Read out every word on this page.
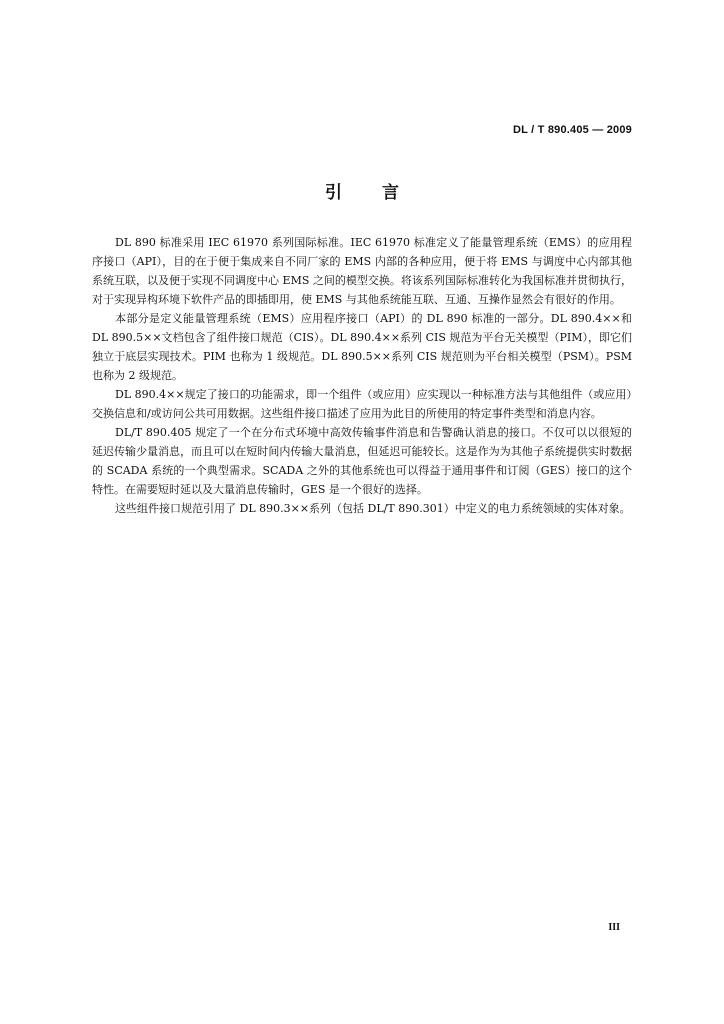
DL / T 890.405 — 2009
引言

DL 890 标准采用 IEC 61970 系列国际标准。IEC 61970 标准定义了能量管理系统（EMS）的应用程序接口（API），目的在于便于集成来自不同厂家的 EMS 内部的各种应用，便于将 EMS 与调度中心内部其他系统互联，以及便于实现不同调度中心 EMS 之间的模型交换。将该系列国际标准转化为我国标准并贯彻执行，对于实现异构环境下软件产品的即插即用，使 EMS 与其他系统能互联、互通、互操作显然会有很好的作用。

本部分是定义能量管理系统（EMS）应用程序接口（API）的 DL 890 标准的一部分。DL 890.4××和 DL 890.5××文档包含了组件接口规范（CIS）。DL 890.4××系列 CIS 规范为平台无关模型（PIM），即它们独立于底层实现技术。PIM 也称为 1 级规范。DL 890.5××系列 CIS 规范则为平台相关模型（PSM）。PSM 也称为 2 级规范。

DL 890.4××规定了接口的功能需求，即一个组件（或应用）应实现以一种标准方法与其他组件（或应用）交换信息和/或访问公共可用数据。这些组件接口描述了应用为此目的所使用的特定事件类型和消息内容。

DL/T 890.405 规定了一个在分布式环境中高效传输事件消息和告警确认消息的接口。不仅可以以很短的延迟传输少量消息，而且可以在短时间内传输大量消息，但延迟可能较长。这是作为为其他子系统提供实时数据的 SCADA 系统的一个典型需求。SCADA 之外的其他系统也可以得益于通用事件和订阅（GES）接口的这个特性。在需要短时延以及大量消息传输时，GES 是一个很好的选择。

这些组件接口规范引用了 DL 890.3××系列（包括 DL/T 890.301）中定义的电力系统领域的实体对象。

III
